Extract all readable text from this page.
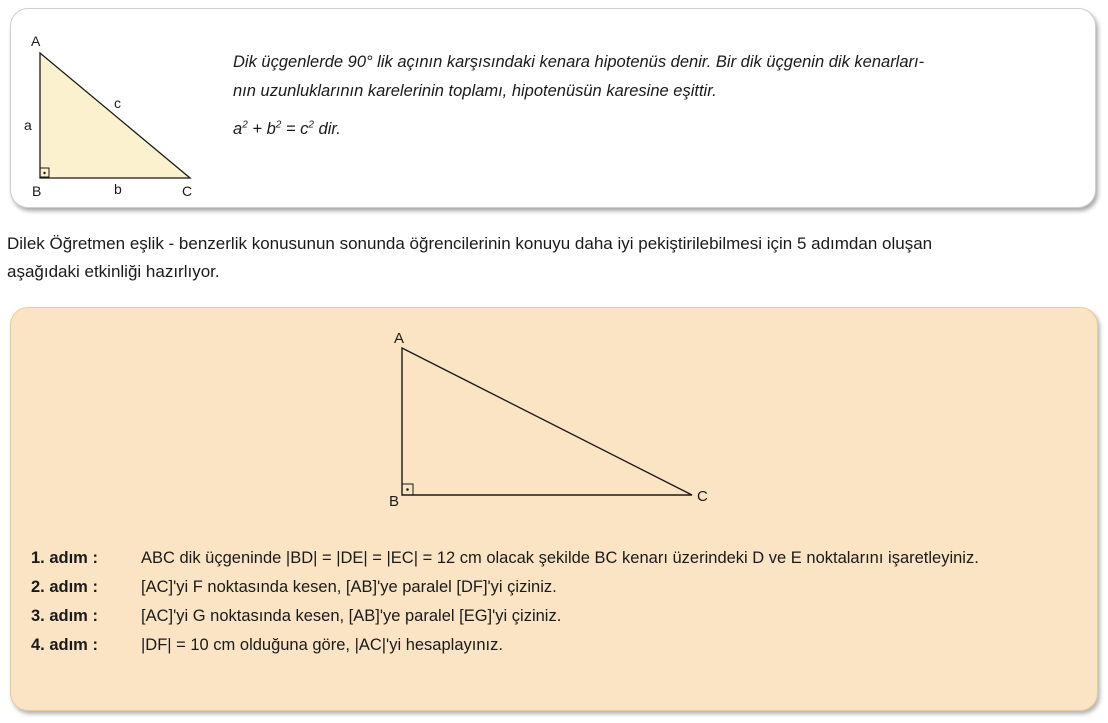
A
B	C
a
b
c

Dik üçgenlerde 90° lik açının karşısındaki kenara hipotenüs denir. Bir dik üçgenin dik kenarları-

nın uzunluklarının karelerinin toplamı, hipotenüsün karesine eşittir.

$a^2 + b^2 = c^2$ dir.

Dilek Öğretmen eşlik - benzerlik konusunun sonunda öğrencilerinin konuyu daha iyi pekiştirilebilmesi için 5 adımdan oluşan

aşağıdaki etkinliği hazırlıyor.

A
B	C
1. adım :	ABC dik üçgeninde |BD| = |DE| = |EC| = 12 cm olacak şekilde BC kenarı üzerindeki D ve E noktalarını işaretleyiniz.
2. adım :	[AC]'yi F noktasında kesen, [AB]'ye paralel [DF]'yi çiziniz.
3. adım :	[AC]'yi G noktasında kesen, [AB]'ye paralel [EG]'yi çiziniz.
4. adım :	|DF| = 10 cm olduğuna göre, |AC|'yi hesaplayınız.
